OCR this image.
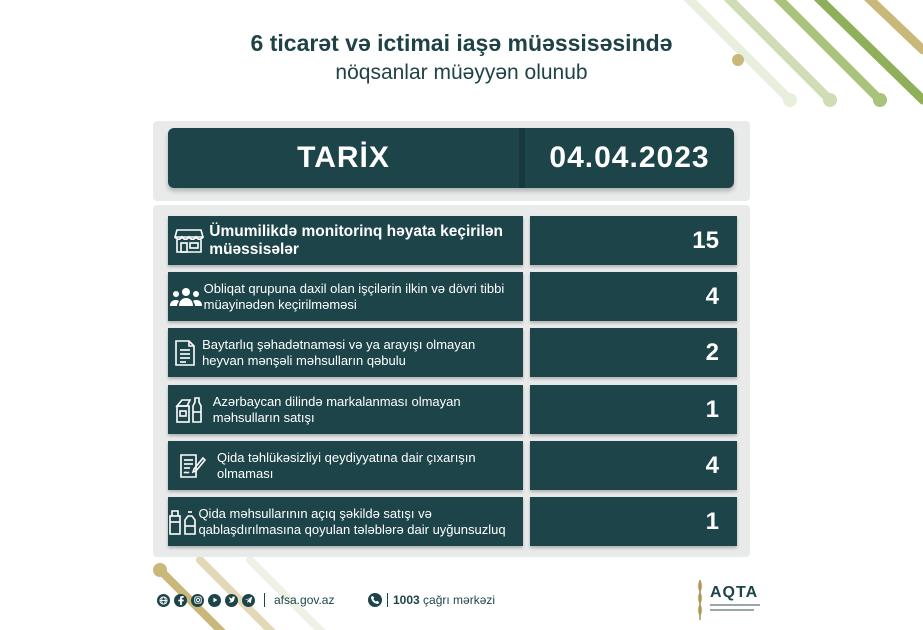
6 ticarət və ictimai iaşə müəssisəsində
nöqsanlar müəyyən olunub
TARİX	04.04.2023
Ümumilikdə monitorinq həyata keçirilən müəssisələr	15
Obliqat qrupuna daxil olan işçilərin ilkin və dövri tibbi müayinədən keçirilməməsi	4
Baytarlıq şəhadətnaməsi və ya arayışı olmayan heyvan mənşəli məhsulların qəbulu	2
Azərbaycan dilində markalanması olmayan məhsulların satışı	1
Qida təhlükəsizliyi qeydiyyatına dair çıxarışın olmaması	4
Qida məhsullarının açıq şəkildə satışı və qablaşdırılmasına qoyulan tələblərə dair uyğunsuzluq	1
afsa.gov.az	1003
çağrı mərkəzi	AQTA
